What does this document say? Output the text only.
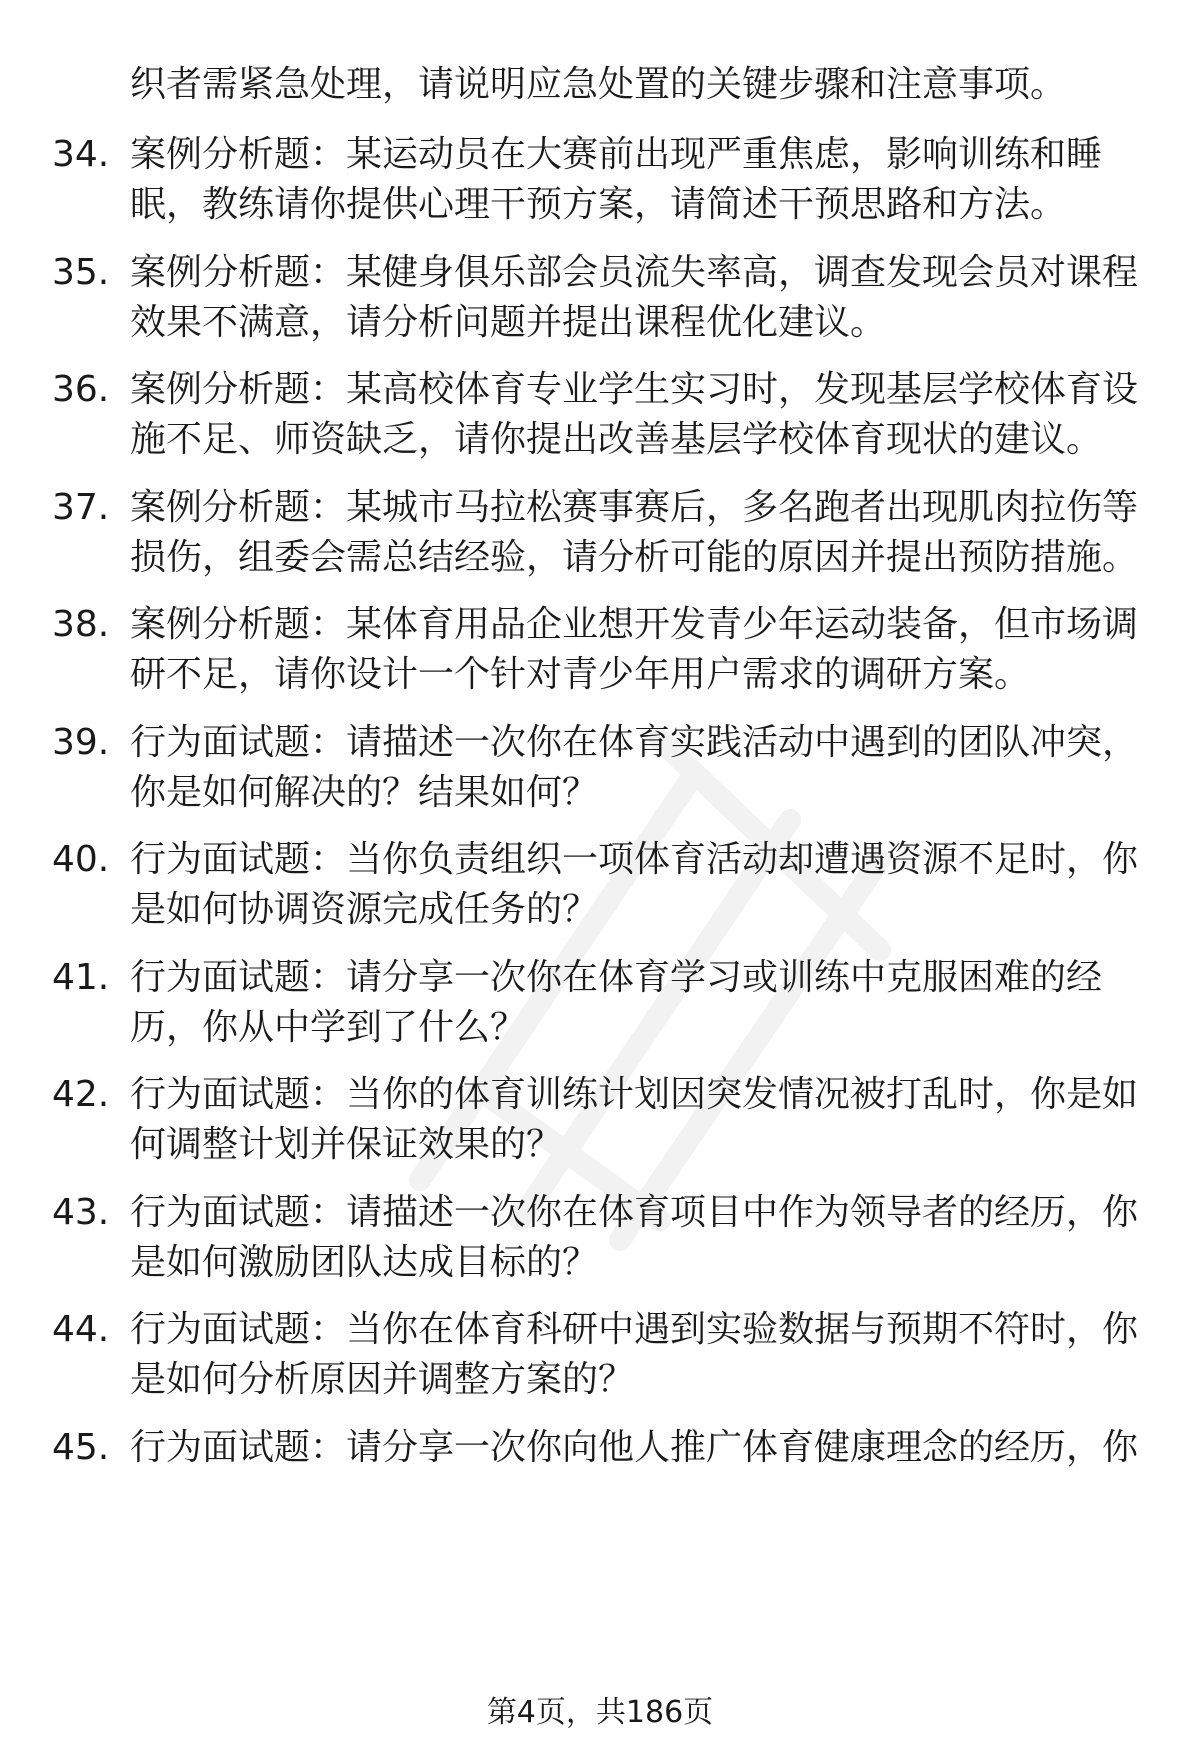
织者需紧急处理，请说明应急处置的关键步骤和注意事项。

34. 案例分析题：某运动员在大赛前出现严重焦虑，影响训练和睡眠，教练请你提供心理干预方案，请简述干预思路和方法。

35. 案例分析题：某健身俱乐部会员流失率高，调查发现会员对课程效果不满意，请分析问题并提出课程优化建议。

36. 案例分析题：某高校体育专业学生实习时，发现基层学校体育设施不足、师资缺乏，请你提出改善基层学校体育现状的建议。

37. 案例分析题：某城市马拉松赛事赛后，多名跑者出现肌肉拉伤等损伤，组委会需总结经验，请分析可能的原因并提出预防措施。

38. 案例分析题：某体育用品企业想开发青少年运动装备，但市场调研不足，请你设计一个针对青少年用户需求的调研方案。

39. 行为面试题：请描述一次你在体育实践活动中遇到的团队冲突，你是如何解决的？结果如何？

40. 行为面试题：当你负责组织一项体育活动却遭遇资源不足时，你是如何协调资源完成任务的？

41. 行为面试题：请分享一次你在体育学习或训练中克服困难的经历，你从中学到了什么？

42. 行为面试题：当你的体育训练计划因突发情况被打乱时，你是如何调整计划并保证效果的？

43. 行为面试题：请描述一次你在体育项目中作为领导者的经历，你是如何激励团队达成目标的？

44. 行为面试题：当你在体育科研中遇到实验数据与预期不符时，你是如何分析原因并调整方案的？

45. 行为面试题：请分享一次你向他人推广体育健康理念的经历，你

第4页，共186页
